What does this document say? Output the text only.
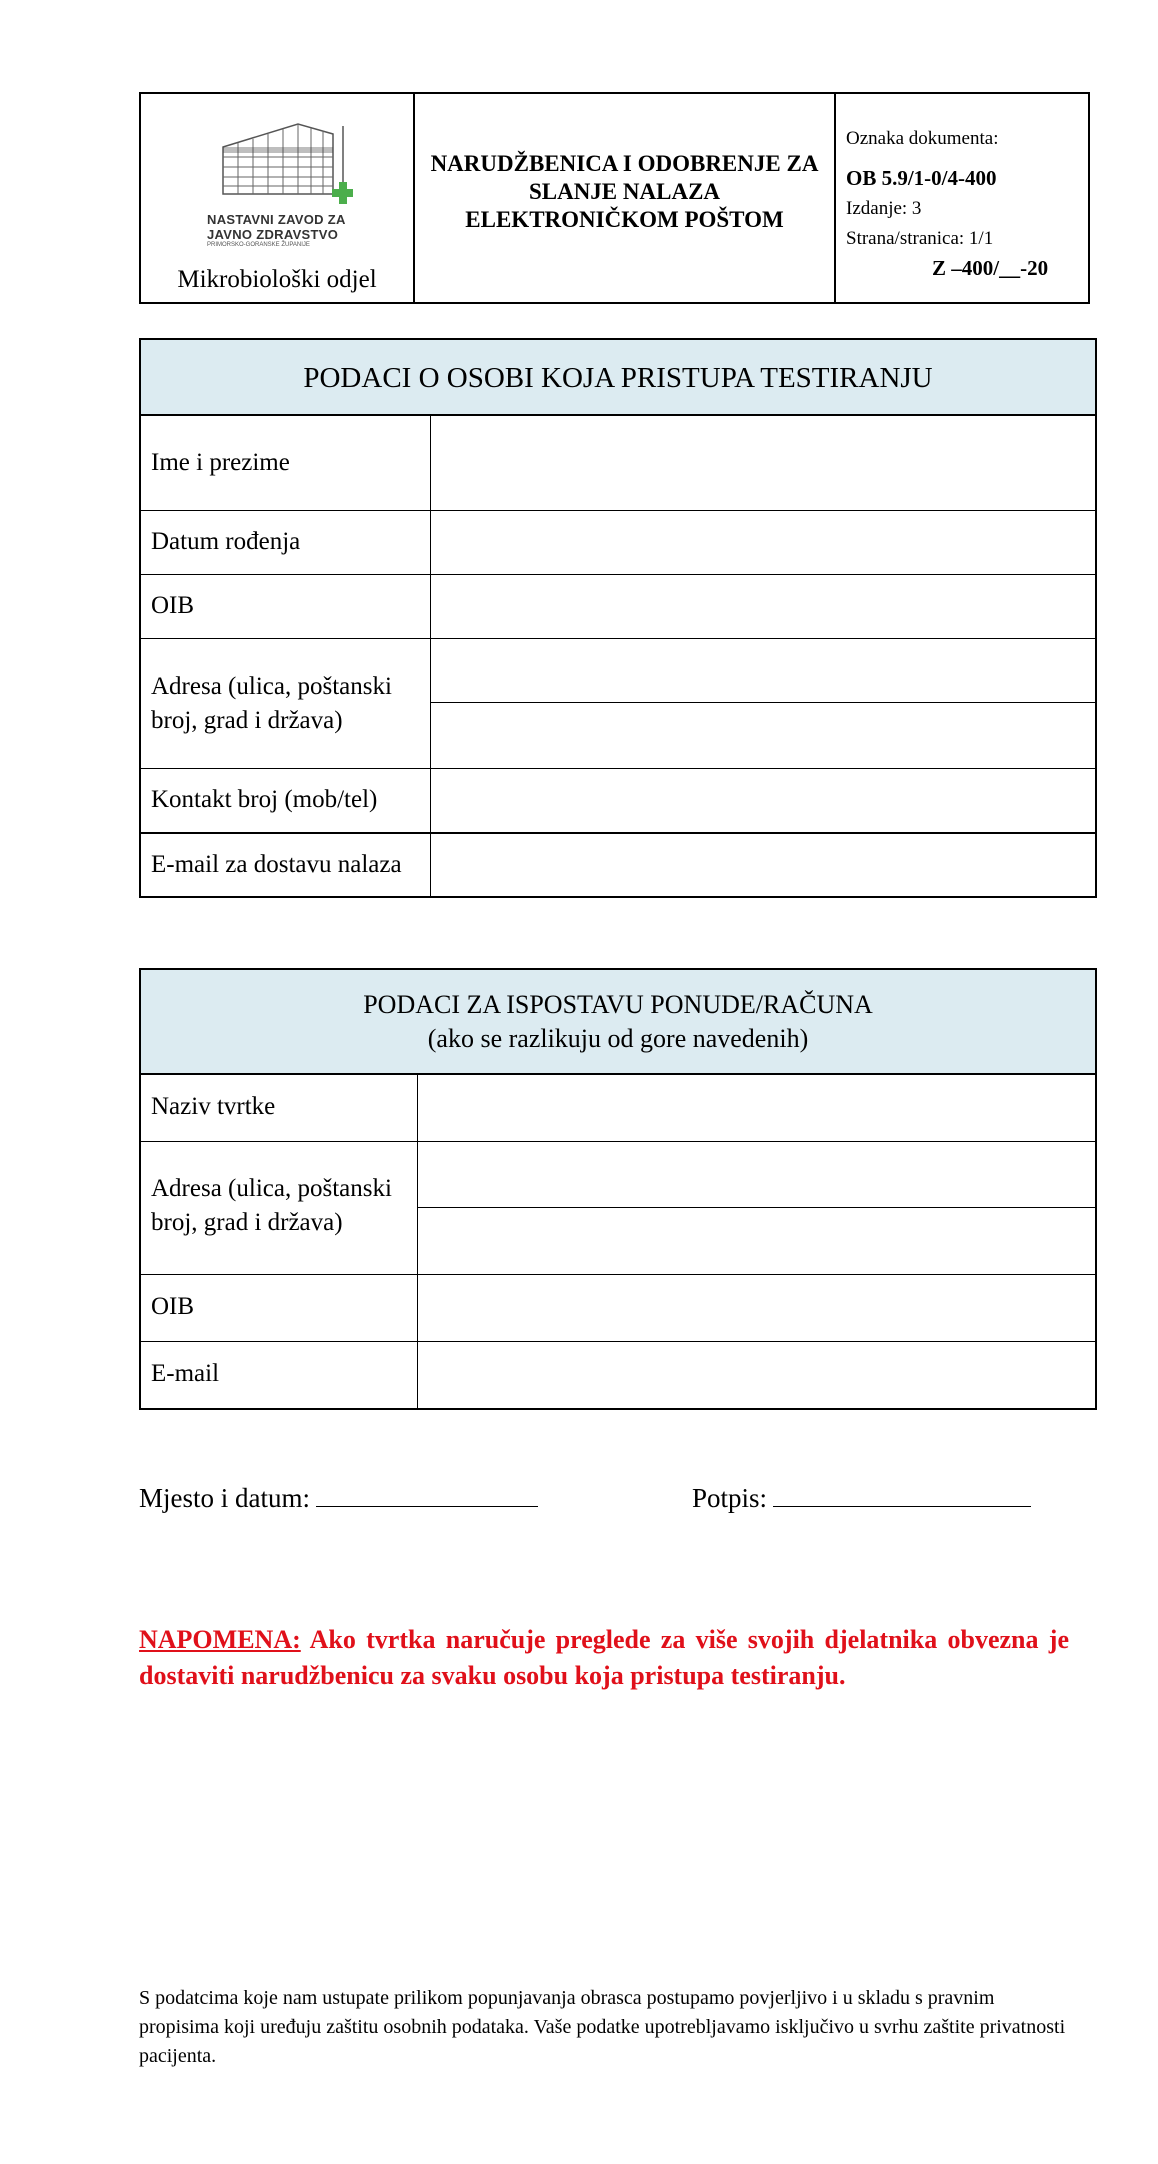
NASTAVNI ZAVOD ZA
JAVNO ZDRAVSTVO
PRIMORSKO-GORANSKE ŽUPANIJE
Mikrobiološki odjel
NARUDŽBENICA I ODOBRENJE ZA SLANJE NALAZA ELEKTRONIČKOM POŠTOM
Oznaka dokumenta:
OB 5.9/1-0/4-400
Izdanje: 3
Strana/stranica: 1/1
Z –400/__-20
PODACI O OSOBI KOJA PRISTUPA TESTIRANJU
Ime i prezime
Datum rođenja
OIB
Adresa (ulica, poštanski
broj, grad i država)
Kontakt broj (mob/tel)
E-mail za dostavu nalaza
PODACI ZA ISPOSTAVU PONUDE/RAČUNA
(ako se razlikuju od gore navedenih)
Naziv tvrtke
Adresa (ulica, poštanski
broj, grad i država)
OIB
E-mail
Mjesto i datum:	Potpis:
NAPOMENA: Ako tvrtka naručuje preglede za više svojih djelatnika obvezna je dostaviti narudžbenicu za svaku osobu koja pristupa testiranju.
S podatcima koje nam ustupate prilikom popunjavanja obrasca postupamo povjerljivo i u skladu s pravnim propisima koji uređuju zaštitu osobnih podataka. Vaše podatke upotrebljavamo isključivo u svrhu zaštite privatnosti pacijenta.
